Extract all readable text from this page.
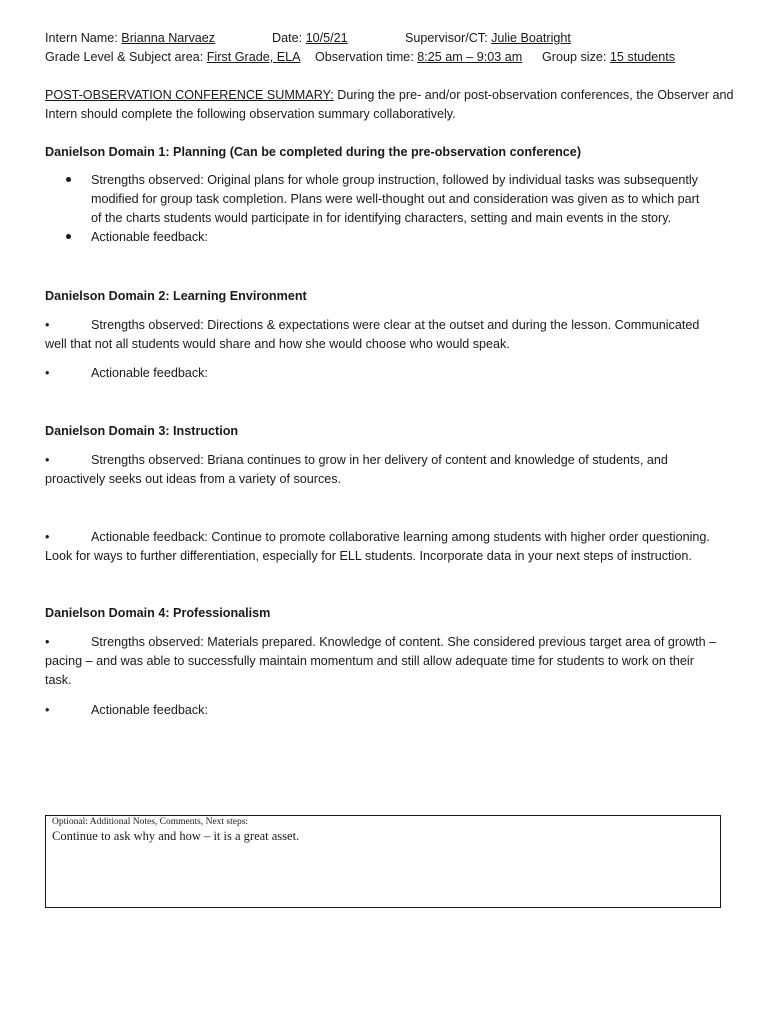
Intern Name: Brianna Narvaez	Date: 10/5/21	Supervisor/CT: Julie Boatright
Grade Level & Subject area: First Grade, ELA Observation time: 8:25 am – 9:03 am Group size: 15 students
POST-OBSERVATION CONFERENCE SUMMARY: During the pre- and/or post-observation conferences, the Observer and
Intern should complete the following observation summary collaboratively.
Danielson Domain 1: Planning (Can be completed during the pre-observation conference)
Strengths observed: Original plans for whole group instruction, followed by individual tasks was subsequently
modified for group task completion. Plans were well-thought out and consideration was given as to which part
of the charts students would participate in for identifying characters, setting and main events in the story.
Actionable feedback:
Danielson Domain 2: Learning Environment
•	Strengths observed: Directions & expectations were clear at the outset and during the lesson. Communicated
well that not all students would share and how she would choose who would speak.
•	Actionable feedback:
Danielson Domain 3: Instruction
•	Strengths observed: Briana continues to grow in her delivery of content and knowledge of students, and
proactively seeks out ideas from a variety of sources.
•	Actionable feedback: Continue to promote collaborative learning among students with higher order questioning.
Look for ways to further differentiation, especially for ELL students. Incorporate data in your next steps of instruction.
Danielson Domain 4: Professionalism
•	Strengths observed: Materials prepared. Knowledge of content. She considered previous target area of growth –
pacing – and was able to successfully maintain momentum and still allow adequate time for students to work on their
task.
•	Actionable feedback:
Optional: Additional Notes, Comments, Next steps:
Continue to ask why and how – it is a great asset.
